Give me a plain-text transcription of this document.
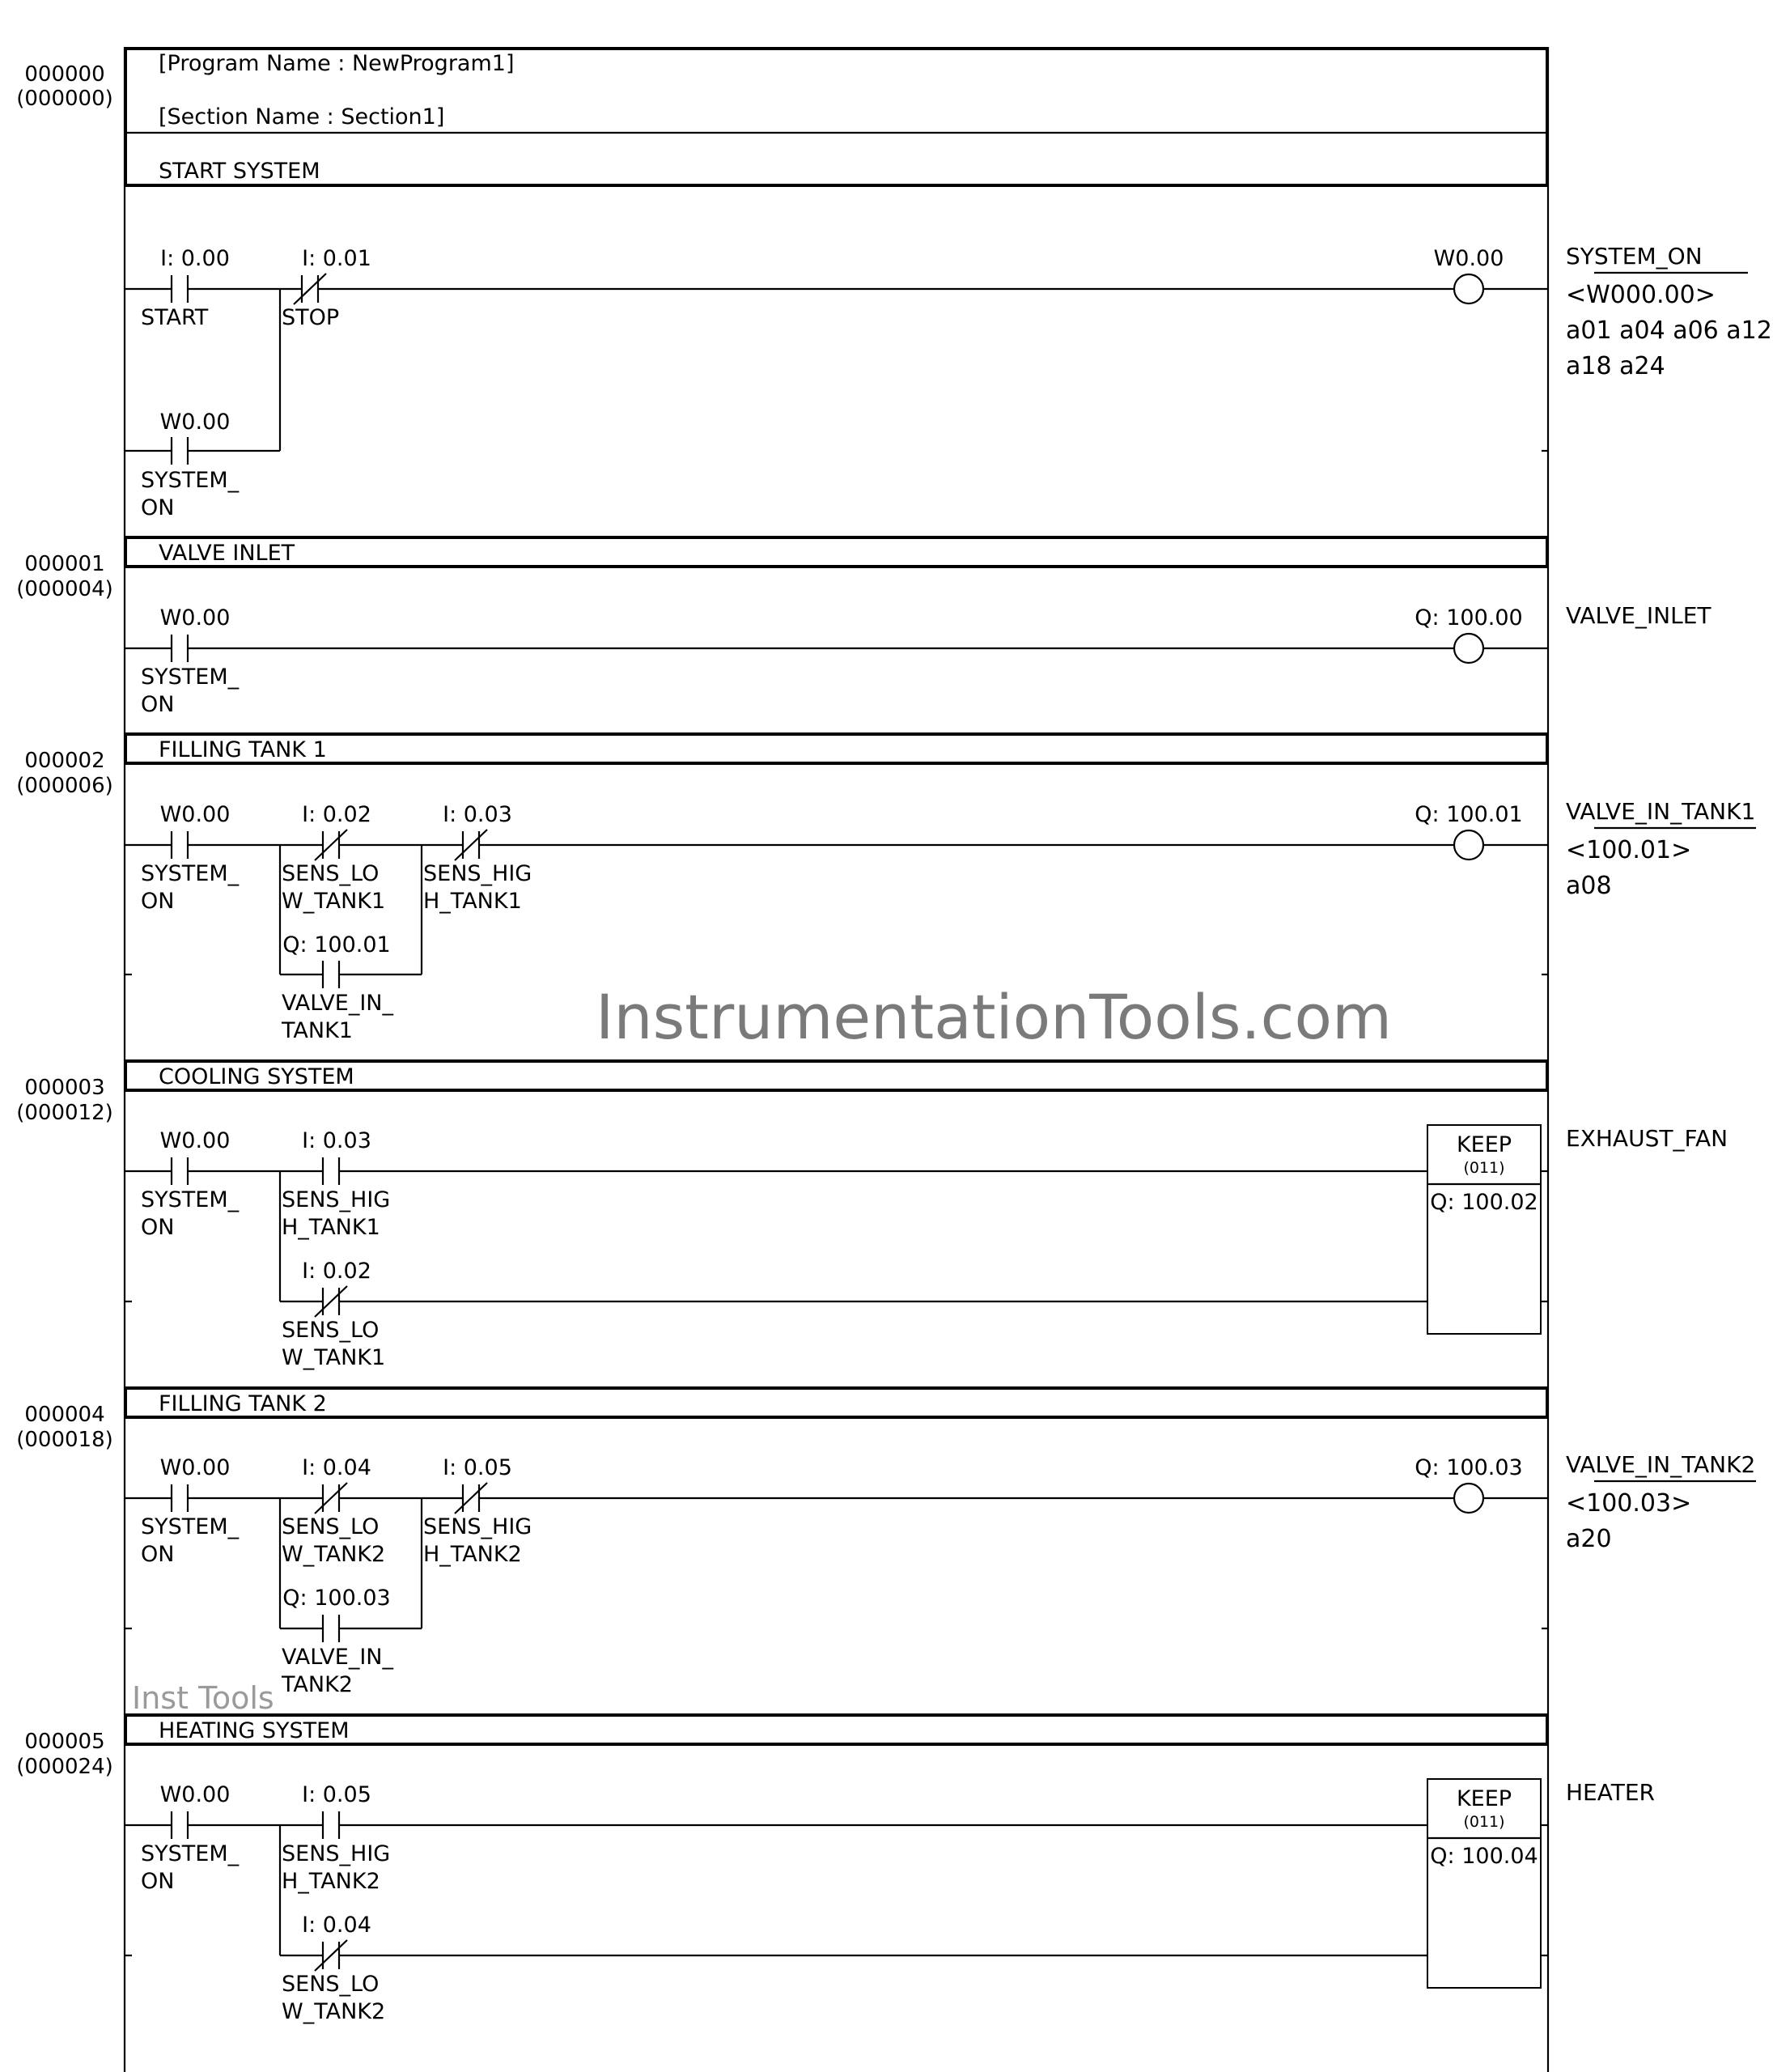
[Program Name : NewProgram1]
[Section Name : Section1]
000000
(000000)
START SYSTEM
I: 0.00
START
I: 0.01
STOP
W0.00
SYSTEM_
ON
W0.00	SYSTEM_ON
<W000.00>
a01 a04 a06 a12
a18 a24
VALVE INLET
000001
(000004)
W0.00
SYSTEM_
ON
Q: 100.00 VALVE_INLET
FILLING TANK 1
000002
(000006)
W0.00
SYSTEM_
ON
I: 0.02
SENS_LO
W_TANK1
I: 0.03
SENS_HIG
H_TANK1
Q: 100.01
VALVE_IN_
TANK1
Q: 100.01 VALVE_IN_TANK1
<100.01>
a08
COOLING SYSTEM
000003
(000012)
KEEP
(011)
Q: 100.02
W0.00
SYSTEM_
ON
I: 0.03
SENS_HIG
H_TANK1
I: 0.02
SENS_LO
W_TANK1
EXHAUST_FAN
FILLING TANK 2
000004
(000018)
W0.00
SYSTEM_
ON
I: 0.04
SENS_LO
W_TANK2
I: 0.05
SENS_HIG
H_TANK2
Q: 100.03
VALVE_IN_
TANK2
Q: 100.03 VALVE_IN_TANK2
<100.03>
a20
HEATING SYSTEM
000005
(000024)
KEEP
(011)
Q: 100.04
W0.00
SYSTEM_
ON
I: 0.05
SENS_HIG
H_TANK2
I: 0.04
SENS_LO
W_TANK2
HEATER
InstrumentationTools.com
Inst Tools
